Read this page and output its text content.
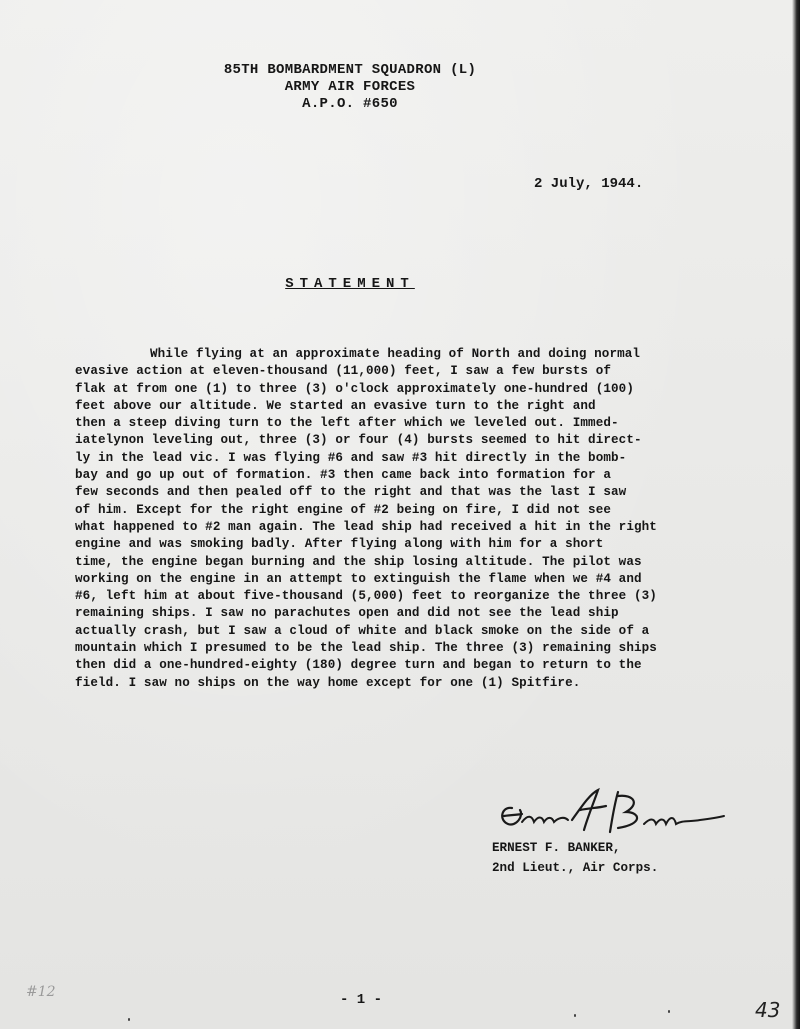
85TH BOMBARDMENT SQUADRON (L)
ARMY AIR FORCES
A.P.O. #650
2 July, 1944.
STATEMENT
While flying at an approximate heading of North and doing normal
evasive action at eleven-thousand (11,000) feet, I saw a few bursts of
flak at from one (1) to three (3) o'clock approximately one-hundred (100)
feet above our altitude. We started an evasive turn to the right and
then a steep diving turn to the left after which we leveled out. Immed-
iatelynon leveling out, three (3) or four (4) bursts seemed to hit direct-
ly in the lead vic. I was flying #6 and saw #3 hit directly in the bomb-
bay and go up out of formation. #3 then came back into formation for a
few seconds and then pealed off to the right and that was the last I saw
of him. Except for the right engine of #2 being on fire, I did not see
what happened to #2 man again. The lead ship had received a hit in the right
engine and was smoking badly. After flying along with him for a short
time, the engine began burning and the ship losing altitude. The pilot was
working on the engine in an attempt to extinguish the flame when we #4 and
#6, left him at about five-thousand (5,000) feet to reorganize the three (3)
remaining ships. I saw no parachutes open and did not see the lead ship
actually crash, but I saw a cloud of white and black smoke on the side of a
mountain which I presumed to be the lead ship. The three (3) remaining ships
then did a one-hundred-eighty (180) degree turn and began to return to the
field. I saw no ships on the way home except for one (1) Spitfire.
ERNEST F. BANKER,
2nd Lieut., Air Corps.
- 1 -	43
#12
